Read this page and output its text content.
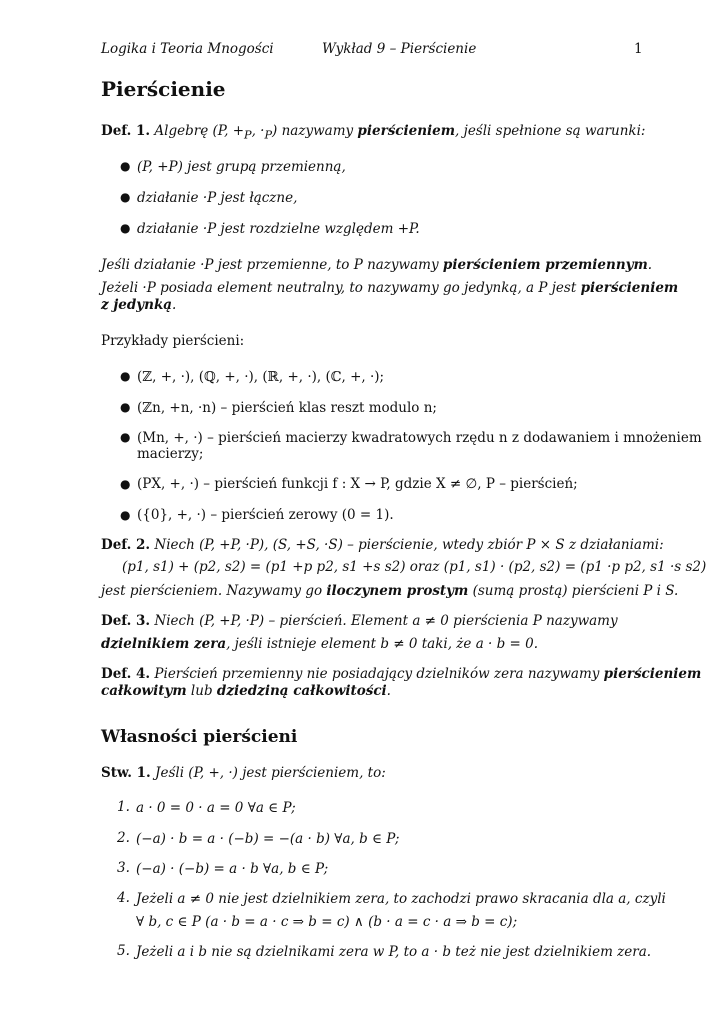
Logika i Teoria Mnogości	Wykład 9 – Pierścienie	1
Pierścienie
Def. 1. Algebrę (P, $+_P$, $\cdot_P$) nazywamy pierścieniem, jeśli spełnione są warunki:
● (P, +P) jest grupą przemienną,
● działanie ·P jest łączne,
● działanie ·P jest rozdzielne względem +P.
Jeśli działanie ·P jest przemienne, to P nazywamy pierścieniem przemiennym.
Jeżeli ·P posiada element neutralny, to nazywamy go jedynką, a P jest pierścieniem
z jedynką.
Przykłady pierścieni:
● (ℤ, +, ·), (ℚ, +, ·), (ℝ, +, ·), (ℂ, +, ·);
● (ℤn, +n, ·n) – pierścień klas reszt modulo n;
● (Mn, +, ·) – pierścień macierzy kwadratowych rzędu n z dodawaniem i mnożeniem
macierzy;
● (PX, +, ·) – pierścień funkcji f : X → P, gdzie X ≠ ∅, P – pierścień;
● ({0}, +, ·) – pierścień zerowy (0 = 1).
Def. 2. Niech (P, +P, ·P), (S, +S, ·S) – pierścienie, wtedy zbiór P × S z działaniami:
(p1, s1) + (p2, s2) = (p1 +p p2, s1 +s s2) oraz (p1, s1) · (p2, s2) = (p1 ·p p2, s1 ·s s2)
jest pierścieniem. Nazywamy go iloczynem prostym (sumą prostą) pierścieni P i S.
Def. 3. Niech (P, +P, ·P) – pierścień. Element a ≠ 0 pierścienia P nazywamy
dzielnikiem zera, jeśli istnieje element b ≠ 0 taki, że a · b = 0.
Def. 4. Pierścień przemienny nie posiadający dzielników zera nazywamy pierścieniem
całkowitym lub dziedziną całkowitości.
Własności pierścieni
Stw. 1. Jeśli (P, +, ·) jest pierścieniem, to:
1. a · 0 = 0 · a = 0 ∀a ∈ P;
2. (−a) · b = a · (−b) = −(a · b) ∀a, b ∈ P;
3. (−a) · (−b) = a · b ∀a, b ∈ P;
4. Jeżeli a ≠ 0 nie jest dzielnikiem zera, to zachodzi prawo skracania dla a, czyli
∀ b, c ∈ P (a · b = a · c ⇒ b = c) ∧ (b · a = c · a ⇒ b = c);
5. Jeżeli a i b nie są dzielnikami zera w P, to a · b też nie jest dzielnikiem zera.
